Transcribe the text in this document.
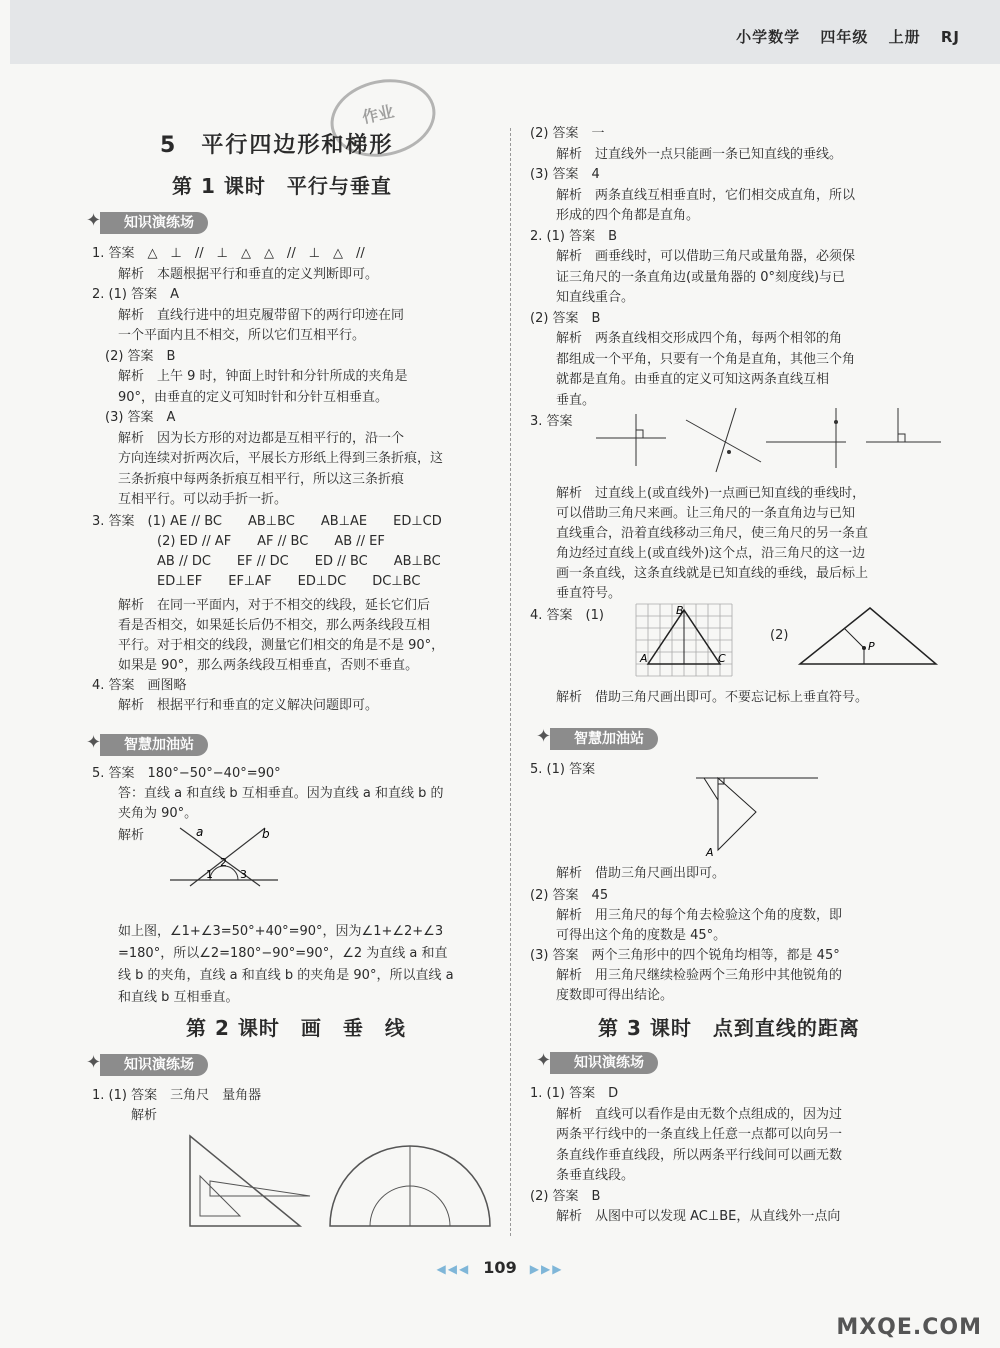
小学数学 四年级 上册 RJ
作业
5　 平行四边形和梯形
第 1 课时　平行与垂直
✦ 知识演练场
1. 答案　△　⊥　//　⊥　△　△　//　⊥　△　//
　　解析　本题根据平行和垂直的定义判断即可。
2. (1) 答案　A
　　解析　直线行进中的坦克履带留下的两行印迹在同
　　一个平面内且不相交，所以它们互相平行。
　(2) 答案　B
　　解析　上午 9 时，钟面上时针和分针所成的夹角是
　　90°，由垂直的定义可知时针和分针互相垂直。
　(3) 答案　A
　　解析　因为长方形的对边都是互相平行的，沿一个
　　方向连续对折两次后，平展长方形纸上得到三条折痕，这
　　三条折痕中每两条折痕互相平行，所以这三条折痕
　　互相平行。可以动手折一折。
3. 答案　(1) AE // BC　　AB⊥BC　　AB⊥AE　　ED⊥CD
　　　　　(2) ED // AF　　AF // BC　　AB // EF
　　　　　AB // DC　　EF // DC　　ED // BC　　AB⊥BC
　　　　　ED⊥EF　　EF⊥AF　　ED⊥DC　　DC⊥BC
　　解析　在同一平面内，对于不相交的线段，延长它们后
　　看是否相交，如果延长后仍不相交，那么两条线段互相
　　平行。对于相交的线段，测量它们相交的角是不是 90°，
　　如果是 90°，那么两条线段互相垂直，否则不垂直。
4. 答案　画图略
　　解析　根据平行和垂直的定义解决问题即可。
✦ 智慧加油站
5. 答案　180°−50°−40°=90°
　　答：直线 a 和直线 b 互相垂直。因为直线 a 和直线 b 的
　　夹角为 90°。
　　解析	a	b
1
2
3
　　如上图，∠1+∠3=50°+40°=90°，因为∠1+∠2+∠3
　　=180°，所以∠2=180°−90°=90°，∠2 为直线 a 和直
　　线 b 的夹角，直线 a 和直线 b 的夹角是 90°，所以直线 a
　　和直线 b 互相垂直。
第 2 课时　画　垂　线
✦ 知识演练场
1. (1) 答案　三角尺　量角器
　　　解析
(2) 答案　一
　　解析　过直线外一点只能画一条已知直线的垂线。
(3) 答案　4
　　解析　两条直线互相垂直时，它们相交成直角，所以
　　形成的四个角都是直角。
2. (1) 答案　B
　　解析　画垂线时，可以借助三角尺或量角器，必须保
　　证三角尺的一条直角边(或量角器的 0°刻度线)与已
　　知直线重合。
(2) 答案　B
　　解析　两条直线相交形成四个角，每两个相邻的角
　　都组成一个平角，只要有一个角是直角，其他三个角
　　就都是直角。由垂直的定义可知这两条直线互相
　　垂直。
3. 答案
　　解析　过直线上(或直线外)一点画已知直线的垂线时，
　　可以借助三角尺来画。让三角尺的一条直角边与已知
　　直线重合，沿着直线移动三角尺，使三角尺的另一条直
　　角边经过直线上(或直线外)这个点，沿三角尺的这一边
　　画一条直线，这条直线就是已知直线的垂线，最后标上
　　垂直符号。
4. 答案　(1)
A
B
C
(2)
P
　　解析　借助三角尺画出即可。不要忘记标上垂直符号。
✦ 智慧加油站
5. (1) 答案
A
　　解析　借助三角尺画出即可。
(2) 答案　45
　　解析　用三角尺的每个角去检验这个角的度数，即
　　可得出这个角的度数是 45°。
(3) 答案　两个三角形中的四个锐角均相等，都是 45°
　　解析　用三角尺继续检验两个三角形中其他锐角的
　　度数即可得出结论。
第 3 课时　点到直线的距离
✦ 知识演练场
1. (1) 答案　D
　　解析　直线可以看作是由无数个点组成的，因为过
　　两条平行线中的一条直线上任意一点都可以向另一
　　条直线作垂直线段，所以两条平行线间可以画无数
　　条垂直线段。
(2) 答案　B
　　解析　从图中可以发现 AC⊥BE，从直线外一点向
◀◀◀ 109 ▶▶▶
MXQE.COM
